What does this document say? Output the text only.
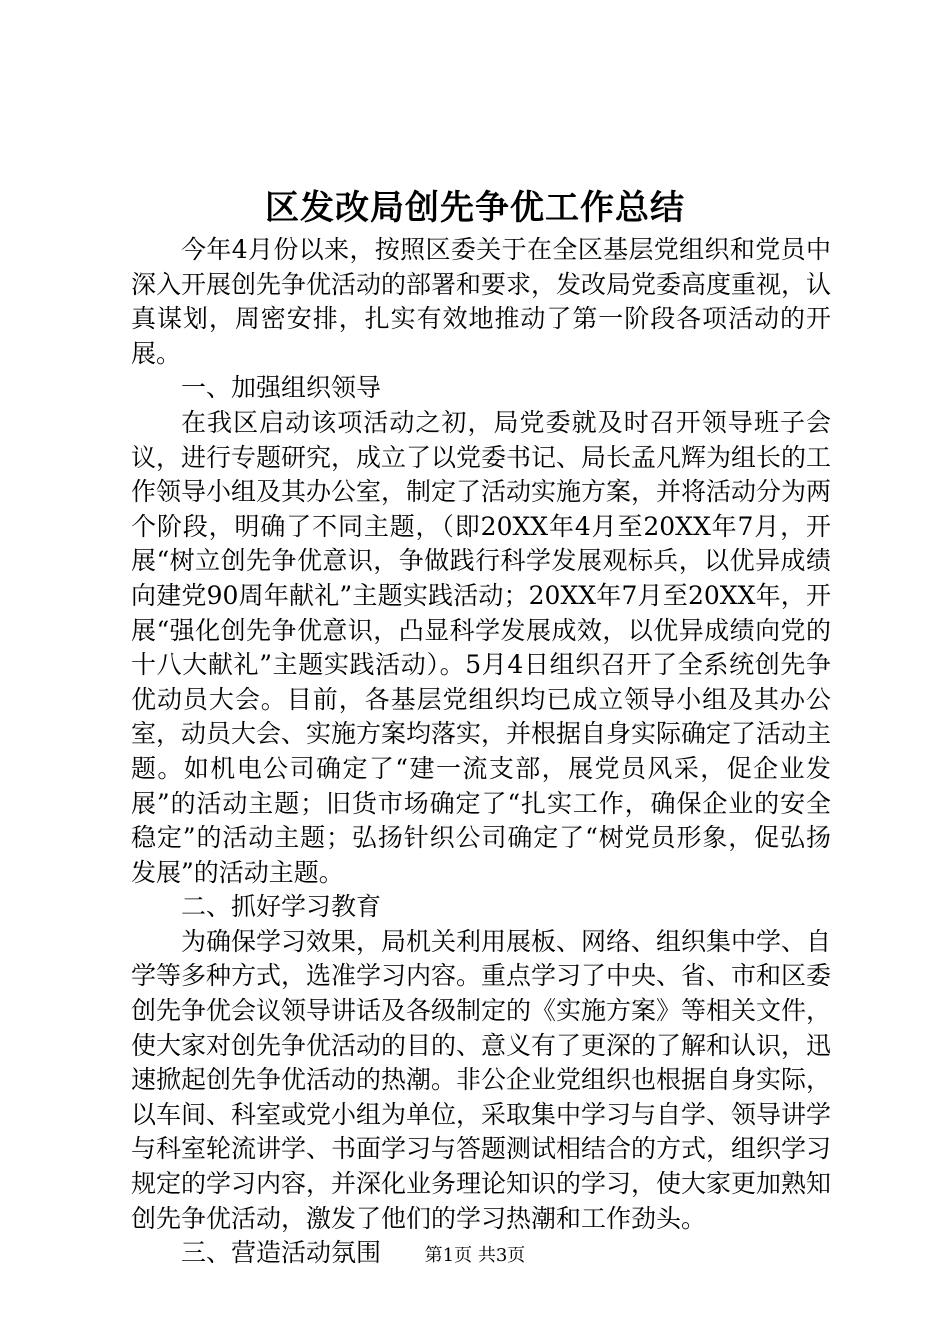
区发改局创先争优工作总结

今年4月份以来，按照区委关于在全区基层党组织和党员中深入开展创先争优活动的部署和要求，发改局党委高度重视，认真谋划，周密安排，扎实有效地推动了第一阶段各项活动的开展。

一、加强组织领导

在我区启动该项活动之初，局党委就及时召开领导班子会议，进行专题研究，成立了以党委书记、局长孟凡辉为组长的工作领导小组及其办公室，制定了活动实施方案，并将活动分为两个阶段，明确了不同主题，（即20XX年4月至20XX年7月，开展“树立创先争优意识，争做践行科学发展观标兵，以优异成绩向建党90周年献礼”主题实践活动；20XX年7月至20XX年，开展“强化创先争优意识，凸显科学发展成效，以优异成绩向党的十八大献礼”主题实践活动）。5月4日组织召开了全系统创先争优动员大会。目前，各基层党组织均已成立领导小组及其办公室，动员大会、实施方案均落实，并根据自身实际确定了活动主题。如机电公司确定了“建一流支部，展党员风采，促企业发展”的活动主题；旧货市场确定了“扎实工作，确保企业的安全稳定”的活动主题；弘扬针织公司确定了“树党员形象，促弘扬发展”的活动主题。

二、抓好学习教育

为确保学习效果，局机关利用展板、网络、组织集中学、自学等多种方式，选准学习内容。重点学习了中央、省、市和区委创先争优会议领导讲话及各级制定的《实施方案》等相关文件，使大家对创先争优活动的目的、意义有了更深的了解和认识，迅速掀起创先争优活动的热潮。非公企业党组织也根据自身实际，以车间、科室或党小组为单位，采取集中学习与自学、领导讲学与科室轮流讲学、书面学习与答题测试相结合的方式，组织学习规定的学习内容，并深化业务理论知识的学习，使大家更加熟知创先争优活动，激发了他们的学习热潮和工作劲头。

三、营造活动氛围	第1页 共3页
